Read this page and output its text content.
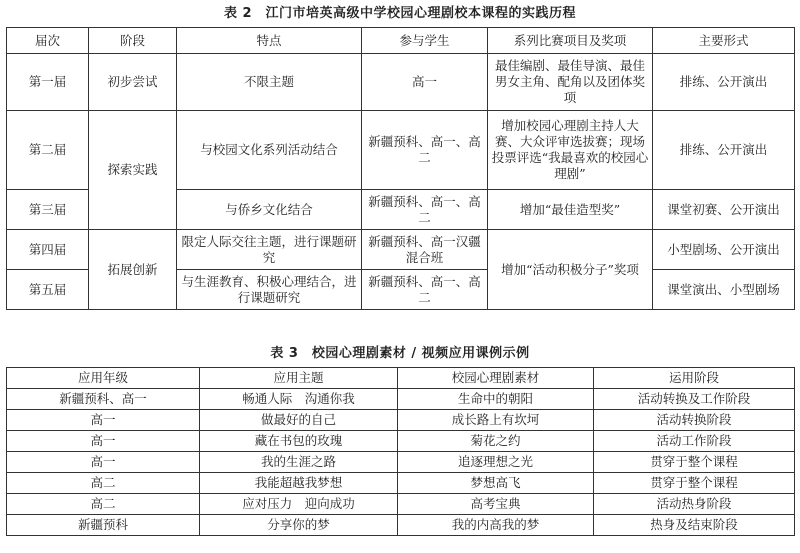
表 2　江门市培英高级中学校园心理剧校本课程的实践历程
届次	阶段	特点	参与学生	系列比赛项目及奖项	主要形式
第一届	初步尝试	不限主题	高一	最佳编剧、最佳导演、最佳男女主角、配角以及团体奖项	排练、公开演出
第二届	探索实践	与校园文化系列活动结合	新疆预科、高一、高二	增加校园心理剧主持人大赛、大众评审选拔赛；现场投票评选“我最喜欢的校园心理剧”	排练、公开演出
第三届		与侨乡文化结合	新疆预科、高一、高二	增加“最佳造型奖”	课堂初赛、公开演出
第四届	拓展创新	限定人际交往主题，进行课题研究	新疆预科、高一汉疆混合班	增加“活动积极分子”奖项	小型剧场、公开演出
第五届		与生涯教育、积极心理结合，进行课题研究	新疆预科、高一、高二		课堂演出、小型剧场
表 3　校园心理剧素材 / 视频应用课例示例
应用年级	应用主题	校园心理剧素材	运用阶段
新疆预科、高一	畅通人际　沟通你我	生命中的朝阳	活动转换及工作阶段
高一	做最好的自己	成长路上有坎坷	活动转换阶段
高一	藏在书包的玫瑰	菊花之约	活动工作阶段
高一	我的生涯之路	追逐理想之光	贯穿于整个课程
高二	我能超越我梦想	梦想高飞	贯穿于整个课程
高二	应对压力　迎向成功	高考宝典	活动热身阶段
新疆预科	分享你的梦	我的内高我的梦	热身及结束阶段
